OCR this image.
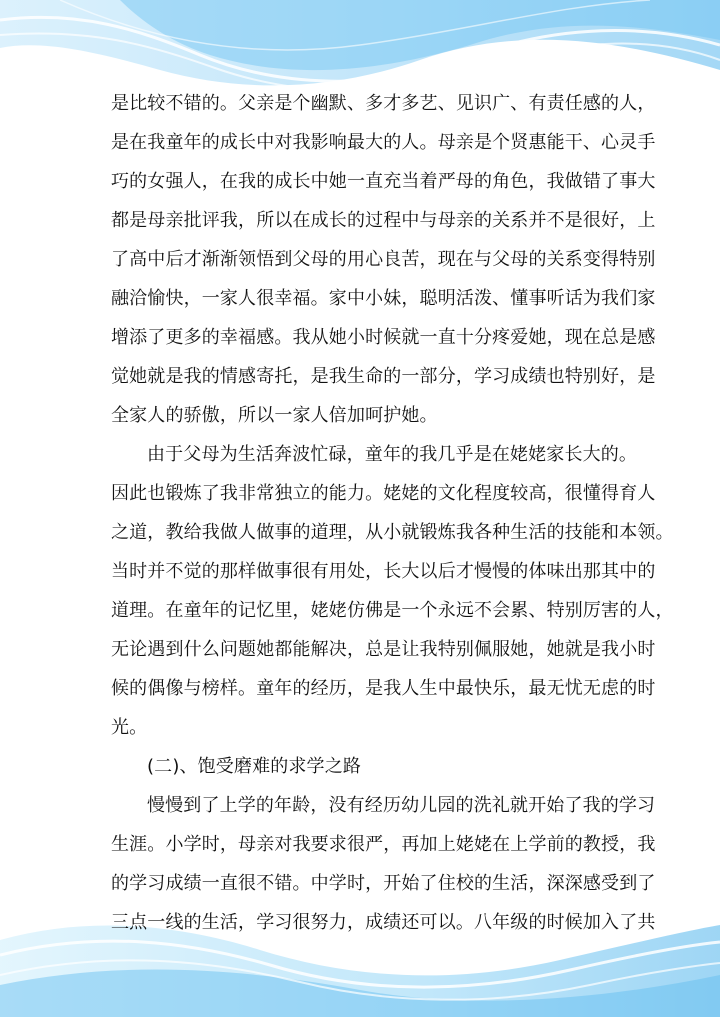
是比较不错的。父亲是个幽默、多才多艺、见识广、有责任感的人，
是在我童年的成长中对我影响最大的人。母亲是个贤惠能干、心灵手
巧的女强人，在我的成长中她一直充当着严母的角色，我做错了事大
都是母亲批评我，所以在成长的过程中与母亲的关系并不是很好，上
了高中后才渐渐领悟到父母的用心良苦，现在与父母的关系变得特别
融洽愉快，一家人很幸福。家中小妹，聪明活泼、懂事听话为我们家
增添了更多的幸福感。我从她小时候就一直十分疼爱她，现在总是感
觉她就是我的情感寄托，是我生命的一部分，学习成绩也特别好，是
全家人的骄傲，所以一家人倍加呵护她。
由于父母为生活奔波忙碌，童年的我几乎是在姥姥家长大的。
因此也锻炼了我非常独立的能力。姥姥的文化程度较高，很懂得育人
之道，教给我做人做事的道理，从小就锻炼我各种生活的技能和本领。
当时并不觉的那样做事很有用处，长大以后才慢慢的体味出那其中的
道理。在童年的记忆里，姥姥仿佛是一个永远不会累、特别厉害的人，
无论遇到什么问题她都能解决，总是让我特别佩服她，她就是我小时
候的偶像与榜样。童年的经历，是我人生中最快乐，最无忧无虑的时
光。
(二)、饱受磨难的求学之路
慢慢到了上学的年龄，没有经历幼儿园的洗礼就开始了我的学习
生涯。小学时，母亲对我要求很严，再加上姥姥在上学前的教授，我
的学习成绩一直很不错。中学时，开始了住校的生活，深深感受到了
三点一线的生活，学习很努力，成绩还可以。八年级的时候加入了共
